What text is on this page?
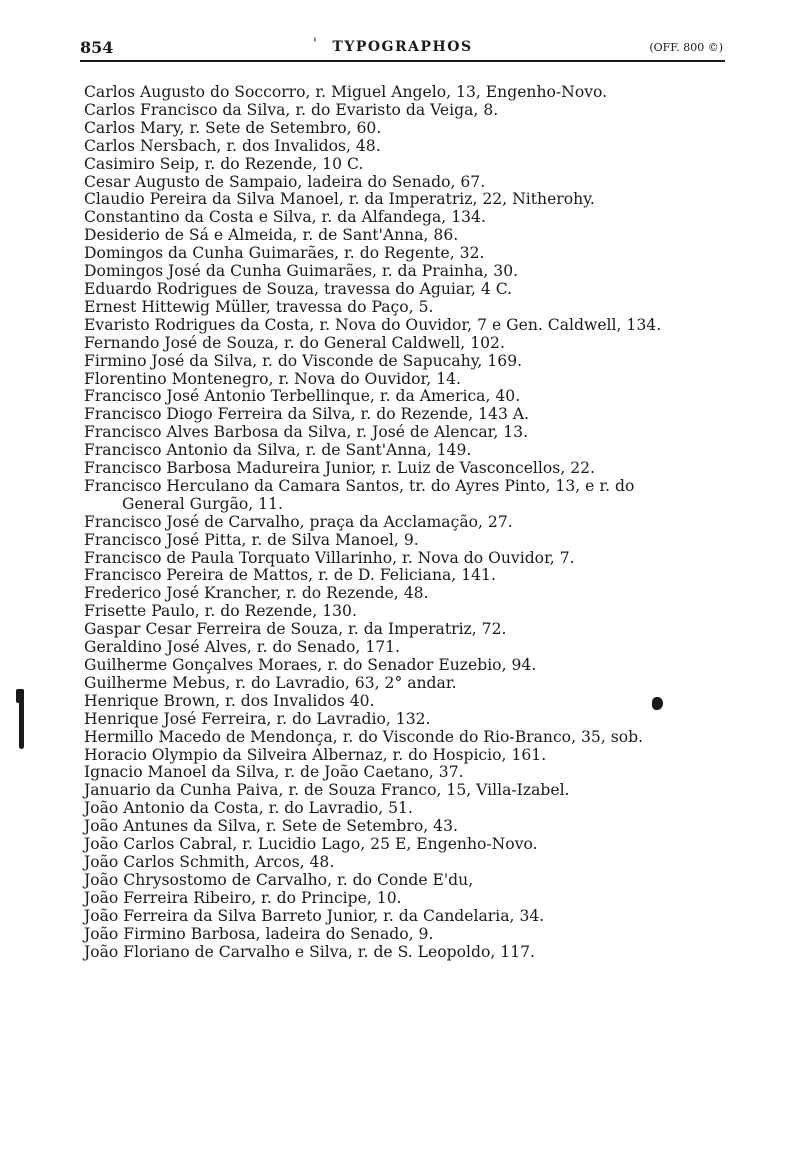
854	'	TYPOGRAPHOS	(OFF. 800 ©)
Carlos Augusto do Soccorro, r. Miguel Angelo, 13, Engenho-Novo.
Carlos Francisco da Silva, r. do Evaristo da Veiga, 8.
Carlos Mary, r. Sete de Setembro, 60.
Carlos Nersbach, r. dos Invalidos, 48.
Casimiro Seip, r. do Rezende, 10 C.
Cesar Augusto de Sampaio, ladeira do Senado, 67.
Claudio Pereira da Silva Manoel, r. da Imperatriz, 22, Nitherohy.
Constantino da Costa e Silva, r. da Alfandega, 134.
Desiderio de Sá e Almeida, r. de Sant'Anna, 86.
Domingos da Cunha Guimarães, r. do Regente, 32.
Domingos José da Cunha Guimarães, r. da Prainha, 30.
Eduardo Rodrigues de Souza, travessa do Aguiar, 4 C.
Ernest Hittewig Müller, travessa do Paço, 5.
Evaristo Rodrigues da Costa, r. Nova do Ouvidor, 7 e Gen. Caldwell, 134.
Fernando José de Souza, r. do General Caldwell, 102.
Firmino José da Silva, r. do Visconde de Sapucahy, 169.
Florentino Montenegro, r. Nova do Ouvidor, 14.
Francisco José Antonio Terbellinque, r. da America, 40.
Francisco Diogo Ferreira da Silva, r. do Rezende, 143 A.
Francisco Alves Barbosa da Silva, r. José de Alencar, 13.
Francisco Antonio da Silva, r. de Sant'Anna, 149.
Francisco Barbosa Madureira Junior, r. Luiz de Vasconcellos, 22.
Francisco Herculano da Camara Santos, tr. do Ayres Pinto, 13, e r. do
General Gurgão, 11.
Francisco José de Carvalho, praça da Acclamação, 27.
Francisco José Pitta, r. de Silva Manoel, 9.
Francisco de Paula Torquato Villarinho, r. Nova do Ouvidor, 7.
Francisco Pereira de Mattos, r. de D. Feliciana, 141.
Frederico José Krancher, r. do Rezende, 48.
Frisette Paulo, r. do Rezende, 130.
Gaspar Cesar Ferreira de Souza, r. da Imperatriz, 72.
Geraldino José Alves, r. do Senado, 171.
Guilherme Gonçalves Moraes, r. do Senador Euzebio, 94.
Guilherme Mebus, r. do Lavradio, 63, 2° andar.
Henrique Brown, r. dos Invalidos 40.
Henrique José Ferreira, r. do Lavradio, 132.
Hermillo Macedo de Mendonça, r. do Visconde do Rio-Branco, 35, sob.
Horacio Olympio da Silveira Albernaz, r. do Hospicio, 161.
Ignacio Manoel da Silva, r. de João Caetano, 37.
Januario da Cunha Paiva, r. de Souza Franco, 15, Villa-Izabel.
João Antonio da Costa, r. do Lavradio, 51.
João Antunes da Silva, r. Sete de Setembro, 43.
João Carlos Cabral, r. Lucidio Lago, 25 E, Engenho-Novo.
João Carlos Schmith, Arcos, 48.
João Chrysostomo de Carvalho, r. do Conde E'du,
João Ferreira Ribeiro, r. do Principe, 10.
João Ferreira da Silva Barreto Junior, r. da Candelaria, 34.
João Firmino Barbosa, ladeira do Senado, 9.
João Floriano de Carvalho e Silva, r. de S. Leopoldo, 117.
